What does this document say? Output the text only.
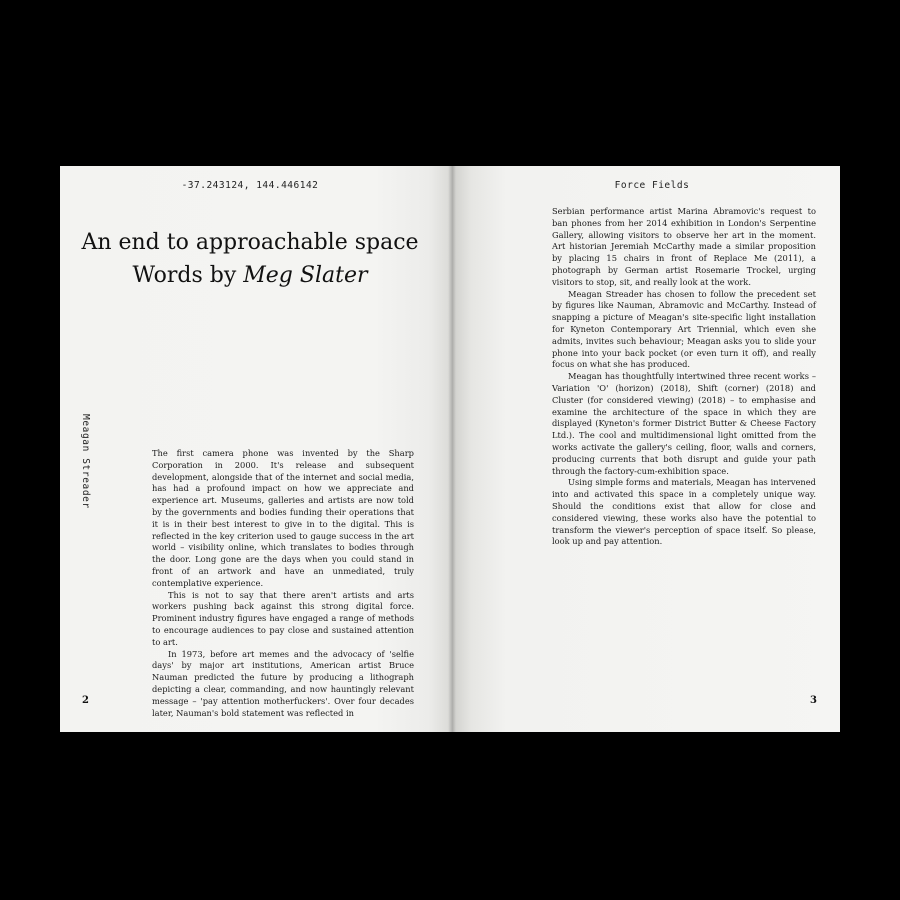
-37.243124, 144.446142
An end to approachable space
Words by Meg Slater
Meagan Streader	The first camera phone was invented by the Sharp Corporation in 2000. It's release and subsequent development, alongside that of the internet and social media, has had a profound impact on how we appreciate and experience art. Museums, galleries and artists are now told by the governments and bodies funding their operations that it is in their best interest to give in to the digital. This is reflected in the key criterion used to gauge success in the art world – visibility online, which translates to bodies through the door. Long gone are the days when you could stand in front of an artwork and have an unmediated, truly contemplative experience.

This is not to say that there aren't artists and arts workers pushing back against this strong digital force. Prominent industry figures have engaged a range of methods to encourage audiences to pay close and sustained attention to art.

In 1973, before art memes and the advocacy of 'selfie days' by major art institutions, American artist Bruce Nauman predicted the future by producing a lithograph depicting a clear, commanding, and now hauntingly relevant message – 'pay attention motherfuckers'. Over four decades later, Nauman's bold statement was reflected in

2
Force Fields

Serbian performance artist Marina Abramovic's request to ban phones from her 2014 exhibition in London's Serpentine Gallery, allowing visitors to observe her art in the moment. Art historian Jeremiah McCarthy made a similar proposition by placing 15 chairs in front of Replace Me (2011), a photograph by German artist Rosemarie Trockel, urging visitors to stop, sit, and really look at the work.

Meagan Streader has chosen to follow the precedent set by figures like Nauman, Abramovic and McCarthy. Instead of snapping a picture of Meagan's site-specific light installation for Kyneton Contemporary Art Triennial, which even she admits, invites such behaviour; Meagan asks you to slide your phone into your back pocket (or even turn it off), and really focus on what she has produced.

Meagan has thoughtfully intertwined three recent works – Variation 'O' (horizon) (2018), Shift (corner) (2018) and Cluster (for considered viewing) (2018) – to emphasise and examine the architecture of the space in which they are displayed (Kyneton's former District Butter & Cheese Factory Ltd.). The cool and multidimensional light omitted from the works activate the gallery's ceiling, floor, walls and corners, producing currents that both disrupt and guide your path through the factory-cum-exhibition space.

Using simple forms and materials, Meagan has intervened into and activated this space in a completely unique way. Should the conditions exist that allow for close and considered viewing, these works also have the potential to transform the viewer's perception of space itself. So please, look up and pay attention.

3
